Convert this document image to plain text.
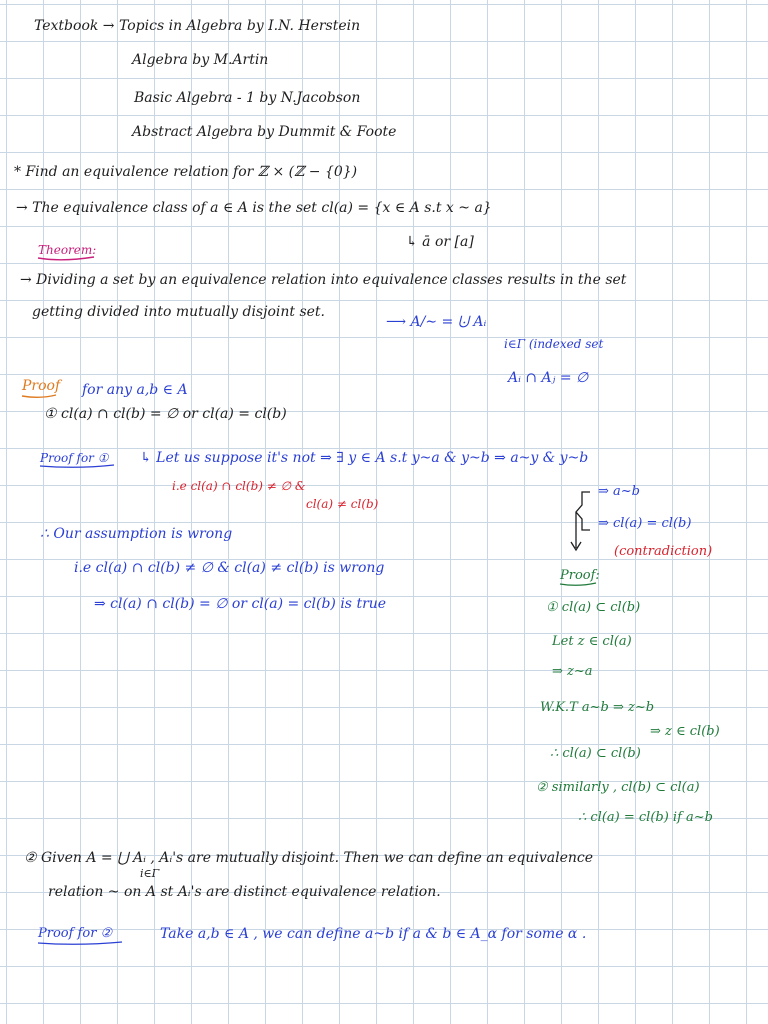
Textbook → Topics in Algebra by I.N. Herstein
Algebra by M.Artin
Basic Algebra - 1 by N.Jacobson
Abstract Algebra by Dummit & Foote
* Find an equivalence relation for ℤ × (ℤ − {0})
→ The equivalence class of a ∈ A is the set cl(a) = {x ∈ A s.t x ~ a}
↳ ā or [a]
Theorem:
→ Dividing a set by an equivalence relation into equivalence classes results in the set
getting divided into mutually disjoint set.
⟶ A/∼ = ⨃ Aᵢ
i∈Γ (indexed set
Aᵢ ∩ Aⱼ = ∅
Proof for any a,b ∈ A
① cl(a) ∩ cl(b) = ∅ or cl(a) = cl(b)
Proof for ① ↳ Let us suppose it's not ⇒ ∃ y ∈ A s.t y~a & y~b ⇒ a~y & y~b
i.e cl(a) ∩ cl(b) ≠ ∅ &
cl(a) ≠ cl(b)
⇒ a~b
⇒ cl(a) = cl(b)
(contradiction)
∴ Our assumption is wrong
i.e cl(a) ∩ cl(b) ≠ ∅ & cl(a) ≠ cl(b) is wrong
⇒ cl(a) ∩ cl(b) = ∅ or cl(a) = cl(b) is true
Proof:
① cl(a) ⊂ cl(b)
Let z ∈ cl(a)
⇒ z~a
W.K.T a~b ⇒ z~b
⇒ z ∈ cl(b)
∴ cl(a) ⊂ cl(b)
② similarly , cl(b) ⊂ cl(a)
∴ cl(a) = cl(b) if a~b
② Given A = ⋃ Aᵢ , Aᵢ's are mutually disjoint. Then we can define an equivalence
i∈Γ
relation ~ on A st Aᵢ's are distinct equivalence relation.
Proof for ②	Take a,b ∈ A , we can define a~b if a & b ∈ A_α for some α .
